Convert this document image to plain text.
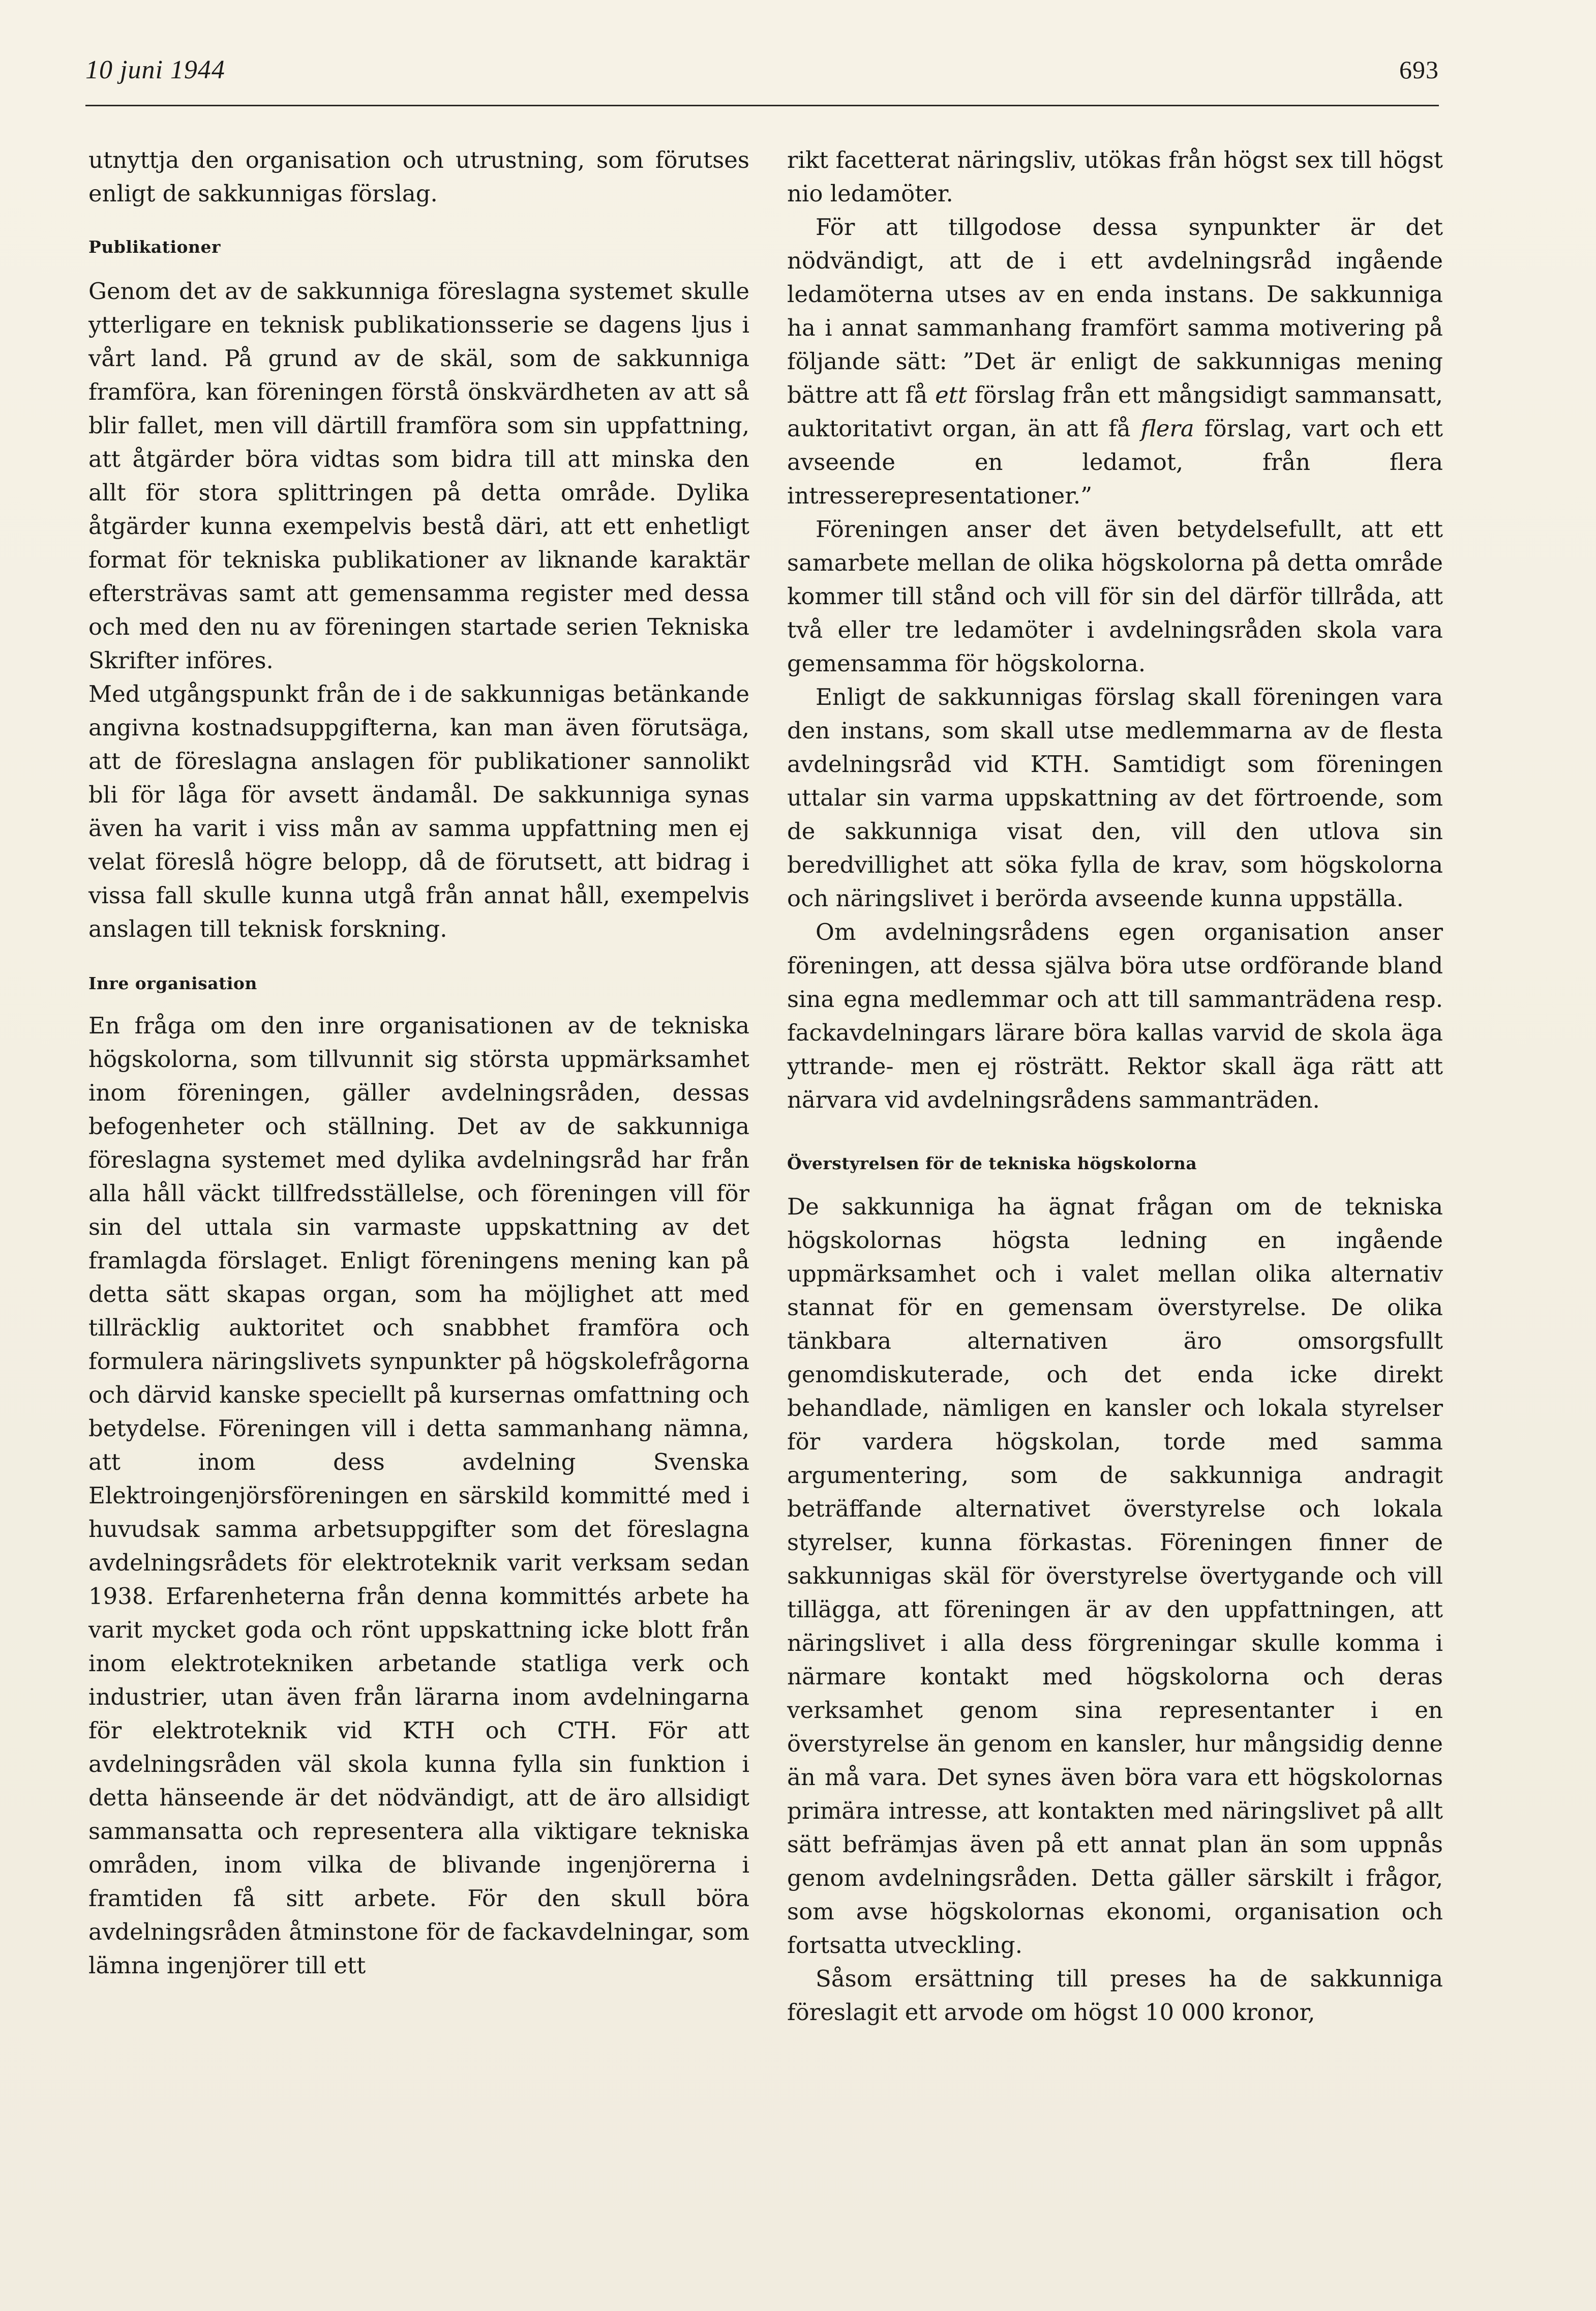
10 juni 1944	693

utnyttja den organisation och utrustning, som förutses enligt de sakkunnigas förslag.

Publikationer

Genom det av de sakkunniga föreslagna systemet skulle ytterligare en teknisk publikationsserie se dagens ljus i vårt land. På grund av de skäl, som de sakkunniga framföra, kan föreningen förstå önskvärdheten av att så blir fallet, men vill därtill framföra som sin uppfattning, att åtgärder böra vidtas som bidra till att minska den allt för stora splittringen på detta område. Dylika åtgärder kunna exempelvis bestå däri, att ett enhetligt format för tekniska publikationer av liknande karaktär eftersträvas samt att gemensamma register med dessa och med den nu av föreningen startade serien Tekniska Skrifter införes.

Med utgångspunkt från de i de sakkunnigas betänkande angivna kostnadsuppgifterna, kan man även förutsäga, att de föreslagna anslagen för publikationer sannolikt bli för låga för avsett ändamål. De sakkunniga synas även ha varit i viss mån av samma uppfattning men ej velat föreslå högre belopp, då de förutsett, att bidrag i vissa fall skulle kunna utgå från annat håll, exempelvis anslagen till teknisk forskning.

Inre organisation

En fråga om den inre organisationen av de tekniska högskolorna, som tillvunnit sig största uppmärksamhet inom föreningen, gäller avdelningsråden, dessas befogenheter och ställning. Det av de sakkunniga föreslagna systemet med dylika avdelningsråd har från alla håll väckt tillfredsställelse, och föreningen vill för sin del uttala sin varmaste uppskattning av det framlagda förslaget. Enligt föreningens mening kan på detta sätt skapas organ, som ha möjlighet att med tillräcklig auktoritet och snabbhet framföra och formulera näringslivets synpunkter på högskolefrågorna och därvid kanske speciellt på kursernas omfattning och betydelse. Föreningen vill i detta sammanhang nämna, att inom dess avdelning Svenska Elektroingenjörsföreningen en särskild kommitté med i huvudsak samma arbetsuppgifter som det föreslagna avdelningsrådets för elektroteknik varit verksam sedan 1938. Erfarenheterna från denna kommittés arbete ha varit mycket goda och rönt uppskattning icke blott från inom elektrotekniken arbetande statliga verk och industrier, utan även från lärarna inom avdelningarna för elektroteknik vid KTH och CTH. För att avdelningsråden väl skola kunna fylla sin funktion i detta hänseende är det nödvändigt, att de äro allsidigt sammansatta och representera alla viktigare tekniska områden, inom vilka de blivande ingenjörerna i framtiden få sitt arbete. För den skull böra avdelningsråden åtminstone för de fackavdelningar, som lämna ingenjörer till ett

rikt facetterat näringsliv, utökas från högst sex till högst nio ledamöter.

För att tillgodose dessa synpunkter är det nödvändigt, att de i ett avdelningsråd ingående ledamöterna utses av en enda instans. De sakkunniga ha i annat sammanhang framfört samma motivering på följande sätt: ”Det är enligt de sakkunnigas mening bättre att få ett förslag från ett mångsidigt sammansatt, auktoritativt organ, än att få flera förslag, vart och ett avseende en ledamot, från flera intresserepresentationer.”

Föreningen anser det även betydelsefullt, att ett samarbete mellan de olika högskolorna på detta område kommer till stånd och vill för sin del därför tillråda, att två eller tre ledamöter i avdelningsråden skola vara gemensamma för högskolorna.

Enligt de sakkunnigas förslag skall föreningen vara den instans, som skall utse medlemmarna av de flesta avdelningsråd vid KTH. Samtidigt som föreningen uttalar sin varma uppskattning av det förtroende, som de sakkunniga visat den, vill den utlova sin beredvillighet att söka fylla de krav, som högskolorna och näringslivet i berörda avseende kunna uppställa.

Om avdelningsrådens egen organisation anser föreningen, att dessa själva böra utse ordförande bland sina egna medlemmar och att till sammanträdena resp. fackavdelningars lärare böra kallas varvid de skola äga yttrande- men ej rösträtt. Rektor skall äga rätt att närvara vid avdelningsrådens sammanträden.

Överstyrelsen för de tekniska högskolorna

De sakkunniga ha ägnat frågan om de tekniska högskolornas högsta ledning en ingående uppmärksamhet och i valet mellan olika alternativ stannat för en gemensam överstyrelse. De olika tänkbara alternativen äro omsorgsfullt genomdiskuterade, och det enda icke direkt behandlade, nämligen en kansler och lokala styrelser för vardera högskolan, torde med samma argumentering, som de sakkunniga andragit beträffande alternativet överstyrelse och lokala styrelser, kunna förkastas. Föreningen finner de sakkunnigas skäl för överstyrelse övertygande och vill tillägga, att föreningen är av den uppfattningen, att näringslivet i alla dess förgreningar skulle komma i närmare kontakt med högskolorna och deras verksamhet genom sina representanter i en överstyrelse än genom en kansler, hur mångsidig denne än må vara. Det synes även böra vara ett högskolornas primära intresse, att kontakten med näringslivet på allt sätt befrämjas även på ett annat plan än som uppnås genom avdelningsråden. Detta gäller särskilt i frågor, som avse högskolornas ekonomi, organisation och fortsatta utveckling.

Såsom ersättning till preses ha de sakkunniga föreslagit ett arvode om högst 10 000 kronor,
